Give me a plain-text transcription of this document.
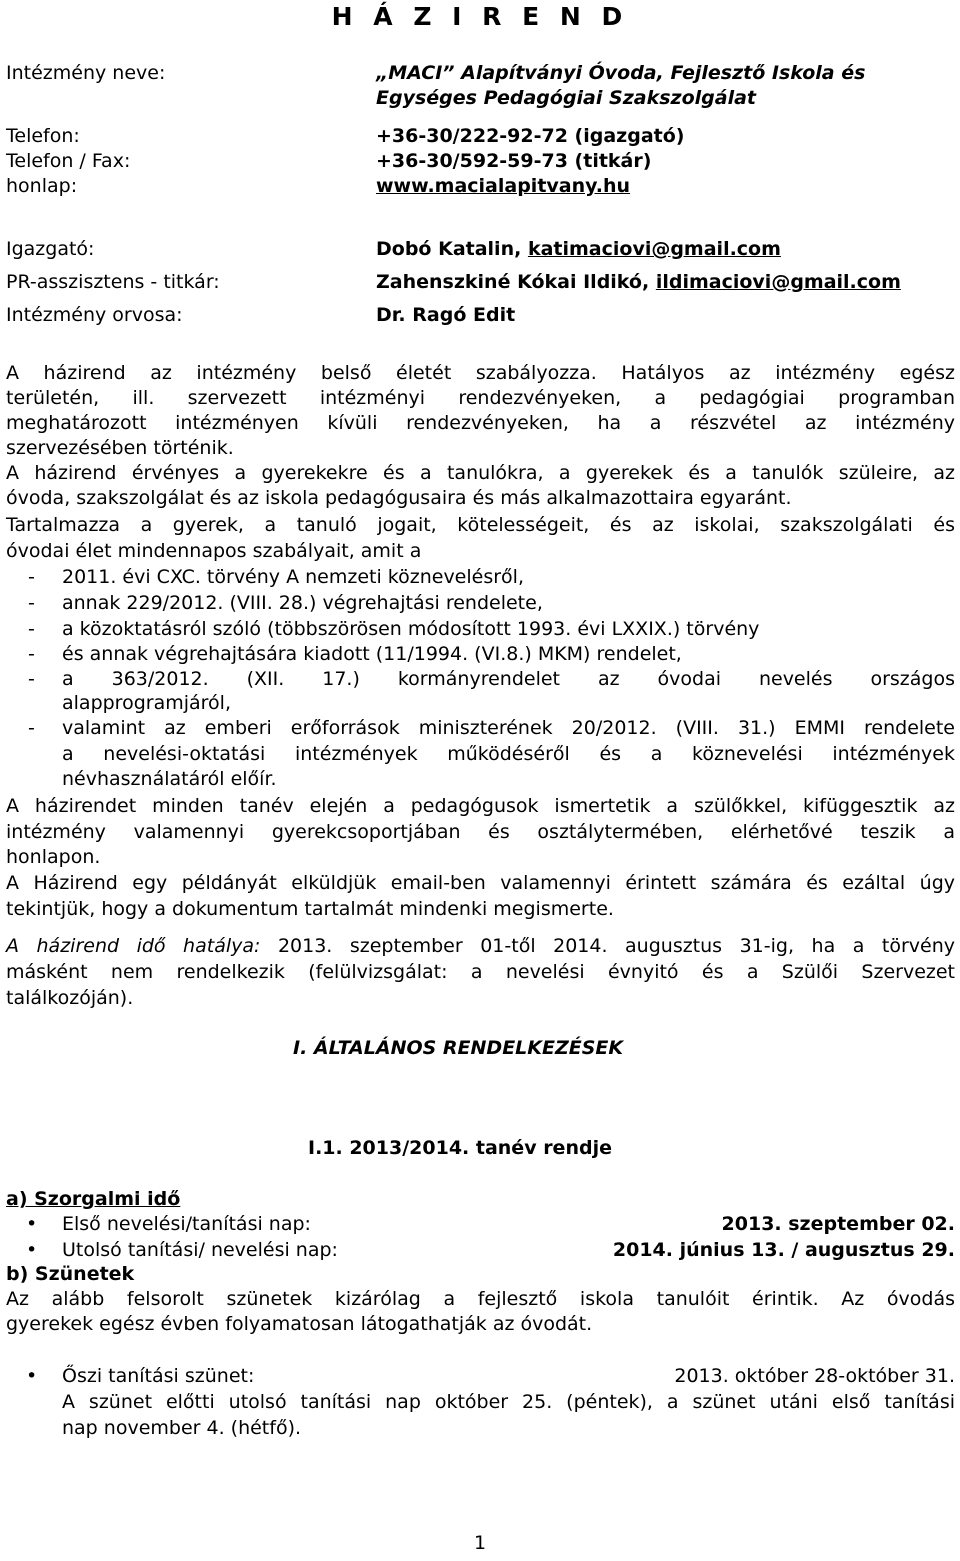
H Á Z I R E N D
Intézmény neve:	„MACI” Alapítványi Óvoda, Fejlesztő Iskola és
Egységes Pedagógiai Szakszolgálat
Telefon:	+36-30/222-92-72 (igazgató)
Telefon / Fax:	+36-30/592-59-73 (titkár)
honlap:	www.macialapitvany.hu
Igazgató:	Dobó Katalin, katimaciovi@gmail.com
PR-asszisztens - titkár:	Zahenszkiné Kókai Ildikó, ildimaciovi@gmail.com
Intézmény orvosa:	Dr. Ragó Edit
A házirend az intézmény belső életét szabályozza. Hatályos az intézmény egész
területén, ill. szervezett intézményi rendezvényeken, a pedagógiai programban
meghatározott intézményen kívüli rendezvényeken, ha a részvétel az intézmény
szervezésében történik.
A házirend érvényes a gyerekekre és a tanulókra, a gyerekek és a tanulók szüleire, az
óvoda, szakszolgálat és az iskola pedagógusaira és más alkalmazottaira egyaránt.
Tartalmazza a gyerek, a tanuló jogait, kötelességeit, és az iskolai, szakszolgálati és
óvodai élet mindennapos szabályait, amit a
- 2011. évi CXC. törvény A nemzeti köznevelésről,
- annak 229/2012. (VIII. 28.) végrehajtási rendelete,
- a közoktatásról szóló (többszörösen módosított 1993. évi LXXIX.) törvény
- és annak végrehajtására kiadott (11/1994. (VI.8.) MKM) rendelet,
- a 363/2012. (XII. 17.) kormányrendelet az óvodai nevelés országos
alapprogramjáról,
- valamint az emberi erőforrások miniszterének 20/2012. (VIII. 31.) EMMI rendelete
a nevelési-oktatási intézmények működéséről és a köznevelési intézmények
névhasználatáról előír.
A házirendet minden tanév elején a pedagógusok ismertetik a szülőkkel, kifüggesztik az
intézmény valamennyi gyerekcsoportjában és osztálytermében, elérhetővé teszik a
honlapon.
A Házirend egy példányát elküldjük email-ben valamennyi érintett számára és ezáltal úgy
tekintjük, hogy a dokumentum tartalmát mindenki megismerte.
A házirend idő hatálya: 2013. szeptember 01-től 2014. augusztus 31-ig, ha a törvény
másként nem rendelkezik (felülvizsgálat: a nevelési évnyitó és a Szülői Szervezet
találkozóján).
I. ÁLTALÁNOS RENDELKEZÉSEK
I.1. 2013/2014. tanév rendje
a) Szorgalmi idő
• Első nevelési/tanítási nap:	2013. szeptember 02.
• Utolsó tanítási/ nevelési nap:	2014. június 13. / augusztus 29.
b) Szünetek
Az alább felsorolt szünetek kizárólag a fejlesztő iskola tanulóit érintik. Az óvodás
gyerekek egész évben folyamatosan látogathatják az óvodát.
• Őszi tanítási szünet:	2013. október 28-október 31.
A szünet előtti utolsó tanítási nap október 25. (péntek), a szünet utáni első tanítási
nap november 4. (hétfő).
1
